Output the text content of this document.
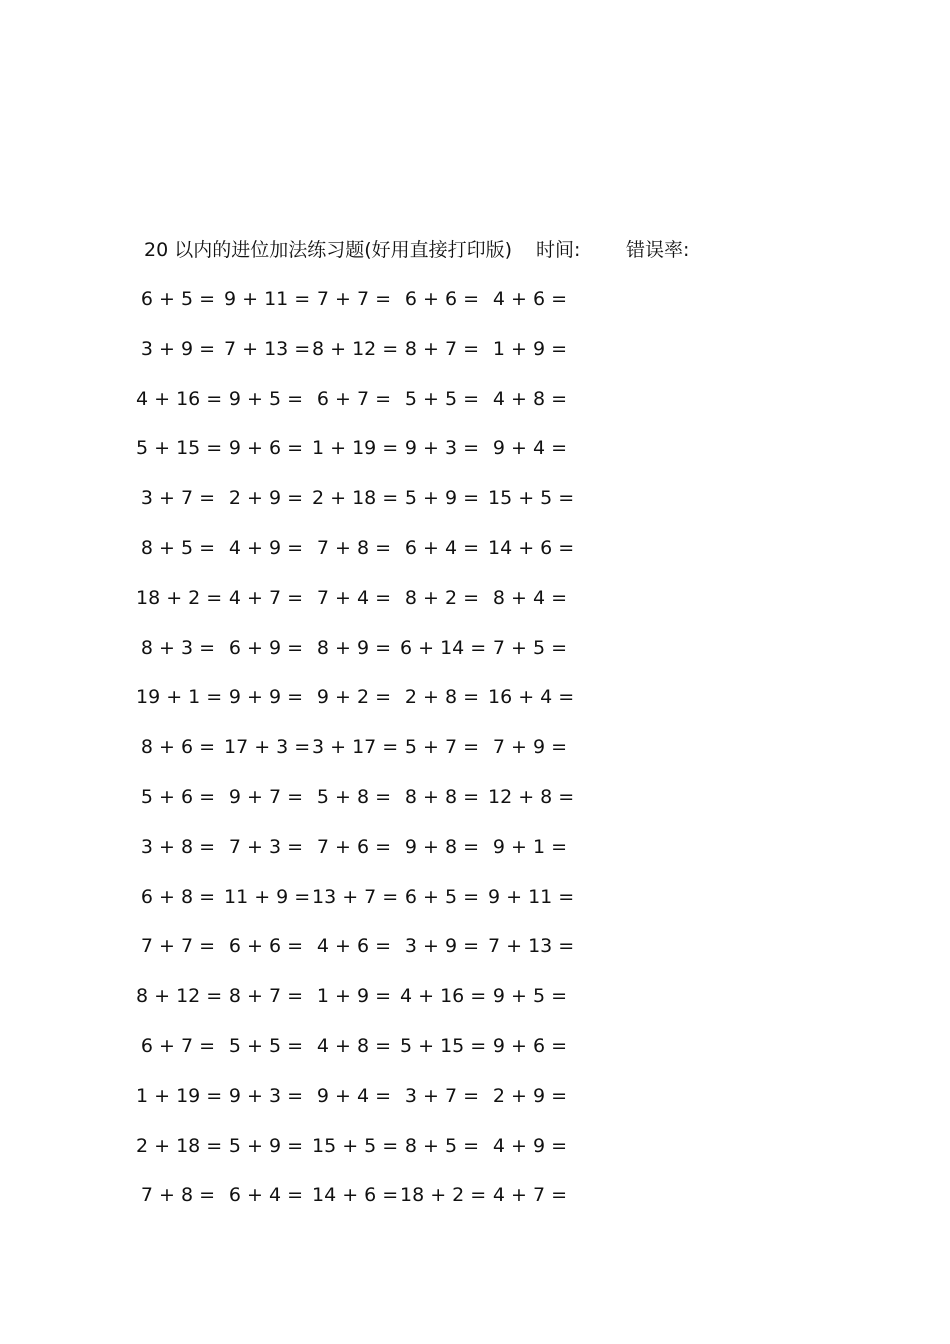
20 以内的进位加法练习题(好用直接打印版) 时间: 错误率:
6 + 5 = 9 + 11 = 7 + 7 = 6 + 6 = 4 + 6 =
3 + 9 = 7 + 13 = 8 + 12 = 8 + 7 = 1 + 9 =
4 + 16 = 9 + 5 = 6 + 7 = 5 + 5 = 4 + 8 =
5 + 15 = 9 + 6 = 1 + 19 = 9 + 3 = 9 + 4 =
3 + 7 = 2 + 9 = 2 + 18 = 5 + 9 = 15 + 5 =
8 + 5 = 4 + 9 = 7 + 8 = 6 + 4 = 14 + 6 =
18 + 2 = 4 + 7 = 7 + 4 = 8 + 2 = 8 + 4 =
8 + 3 = 6 + 9 = 8 + 9 = 6 + 14 = 7 + 5 =
19 + 1 = 9 + 9 = 9 + 2 = 2 + 8 = 16 + 4 =
8 + 6 = 17 + 3 = 3 + 17 = 5 + 7 = 7 + 9 =
5 + 6 = 9 + 7 = 5 + 8 = 8 + 8 = 12 + 8 =
3 + 8 = 7 + 3 = 7 + 6 = 9 + 8 = 9 + 1 =
6 + 8 = 11 + 9 = 13 + 7 = 6 + 5 = 9 + 11 =
7 + 7 = 6 + 6 = 4 + 6 = 3 + 9 = 7 + 13 =
8 + 12 = 8 + 7 = 1 + 9 = 4 + 16 = 9 + 5 =
6 + 7 = 5 + 5 = 4 + 8 = 5 + 15 = 9 + 6 =
1 + 19 = 9 + 3 = 9 + 4 = 3 + 7 = 2 + 9 =
2 + 18 = 5 + 9 = 15 + 5 = 8 + 5 = 4 + 9 =
7 + 8 = 6 + 4 = 14 + 6 = 18 + 2 = 4 + 7 =
